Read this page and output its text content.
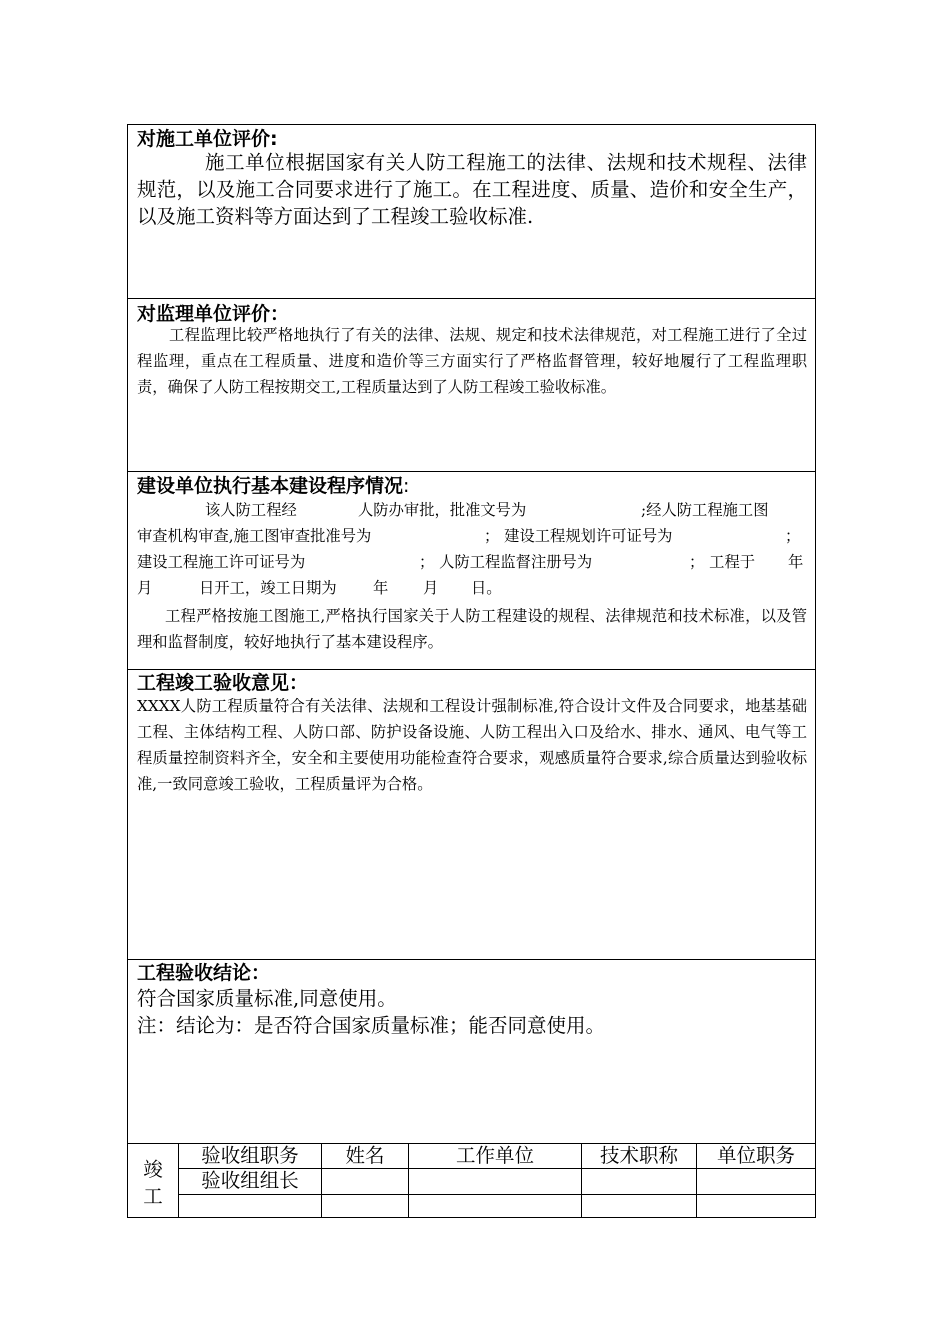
对施工单位评价:

施工单位根据国家有关人防工程施工的法律、法规和技术规程、法律规范，以及施工合同要求进行了施工。在工程进度、质量、造价和安全生产，以及施工资料等方面达到了工程竣工验收标准.

对监理单位评价：

工程监理比较严格地执行了有关的法律、法规、规定和技术法律规范，对工程施工进行了全过程监理，重点在工程质量、进度和造价等三方面实行了严格监督管理，较好地履行了工程监理职责，确保了人防工程按期交工,工程质量达到了人防工程竣工验收标准。

建设单位执行基本建设程序情况:
该人防工程经	人防办审批，批准文号为	;经人防工程施工图
审查机构审查,施工图审查批准号为	； 建设工程规划许可证号为	；
建设工程施工许可证号为	； 人防工程监督注册号为	； 工程于 年
月	日开工，竣工日期为 年 月 日。

工程严格按施工图施工,严格执行国家关于人防工程建设的规程、法律规范和技术标准，以及管理和监督制度，较好地执行了基本建设程序。

工程竣工验收意见：

XXXX人防工程质量符合有关法律、法规和工程设计强制标准,符合设计文件及合同要求，地基基础工程、主体结构工程、人防口部、防护设备设施、人防工程出入口及给水、排水、通风、电气等工程质量控制资料齐全，安全和主要使用功能检查符合要求，观感质量符合要求,综合质量达到验收标准,一致同意竣工验收，工程质量评为合格。

工程验收结论：
符合国家质量标准,同意使用。
注：结论为：是否符合国家质量标准；能否同意使用。
竣
工
验收组职务	姓名	工作单位	技术职称	单位职务
验收组组长
